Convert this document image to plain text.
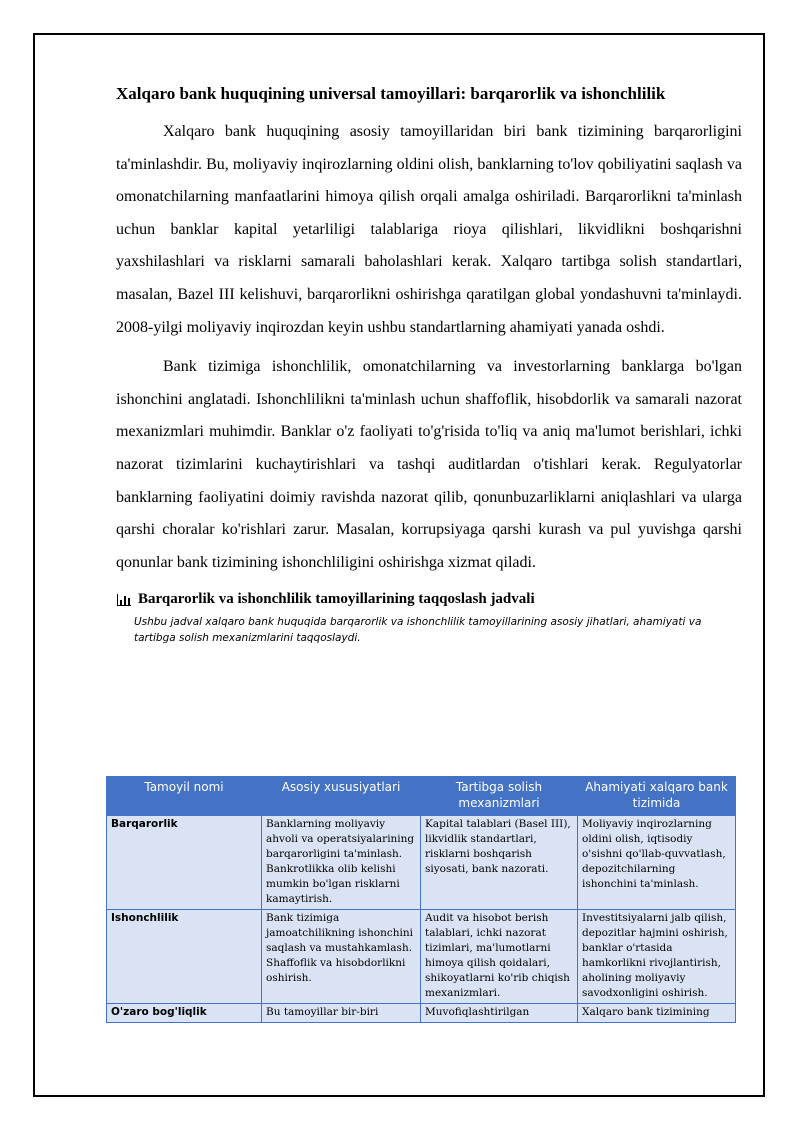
Xalqaro bank huquqining universal tamoyillari: barqarorlik va ishonchlilik

Xalqaro bank huquqining asosiy tamoyillaridan biri bank tizimining barqarorligini ta'minlashdir. Bu, moliyaviy inqirozlarning oldini olish, banklarning to'lov qobiliyatini saqlash va omonatchilarning manfaatlarini himoya qilish orqali amalga oshiriladi. Barqarorlikni ta'minlash uchun banklar kapital yetarliligi talablariga rioya qilishlari, likvidlikni boshqarishni yaxshilashlari va risklarni samarali baholashlari kerak. Xalqaro tartibga solish standartlari, masalan, Bazel III kelishuvi, barqarorlikni oshirishga qaratilgan global yondashuvni ta'minlaydi. 2008-yilgi moliyaviy inqirozdan keyin ushbu standartlarning ahamiyati yanada oshdi.

Bank tizimiga ishonchlilik, omonatchilarning va investorlarning banklarga bo'lgan ishonchini anglatadi. Ishonchlilikni ta'minlash uchun shaffoflik, hisobdorlik va samarali nazorat mexanizmlari muhimdir. Banklar o'z faoliyati to'g'risida to'liq va aniq ma'lumot berishlari, ichki nazorat tizimlarini kuchaytirishlari va tashqi auditlardan o'tishlari kerak. Regulyatorlar banklarning faoliyatini doimiy ravishda nazorat qilib, qonunbuzarliklarni aniqlashlari va ularga qarshi choralar ko'rishlari zarur. Masalan, korrupsiyaga qarshi kurash va pul yuvishga qarshi qonunlar bank tizimining ishonchliligini oshirishga xizmat qiladi.

Barqarorlik va ishonchlilik tamoyillarining taqqoslash jadvali
Ushbu jadval xalqaro bank huquqida barqarorlik va ishonchlilik tamoyillarining asosiy jihatlari, ahamiyati va tartibga solish mexanizmlarini taqqoslaydi.
Tamoyil nomi	Asosiy xususiyatlari	Tartibga solish mexanizmlari	Ahamiyati xalqaro bank tizimida
Barqarorlik	Banklarning moliyaviy ahvoli va operatsiyalarining barqarorligini ta'minlash. Bankrotlikka olib kelishi mumkin bo'lgan risklarni kamaytirish.	Kapital talablari (Basel III), likvidlik standartlari, risklarni boshqarish siyosati, bank nazorati.	Moliyaviy inqirozlarning oldini olish, iqtisodiy o'sishni qo'llab-quvvatlash, depozitchilarning ishonchini ta'minlash.
Ishonchlilik	Bank tizimiga jamoatchilikning ishonchini saqlash va mustahkamlash. Shaffoflik va hisobdorlikni oshirish.	Audit va hisobot berish talablari, ichki nazorat tizimlari, ma'lumotlarni himoya qilish qoidalari, shikoyatlarni ko'rib chiqish mexanizmlari.	Investitsiyalarni jalb qilish, depozitlar hajmini oshirish, banklar o'rtasida hamkorlikni rivojlantirish, aholining moliyaviy savodxonligini oshirish.
O'zaro bog'liqlik	Bu tamoyillar bir-biri	Muvofiqlashtirilgan	Xalqaro bank tizimining
